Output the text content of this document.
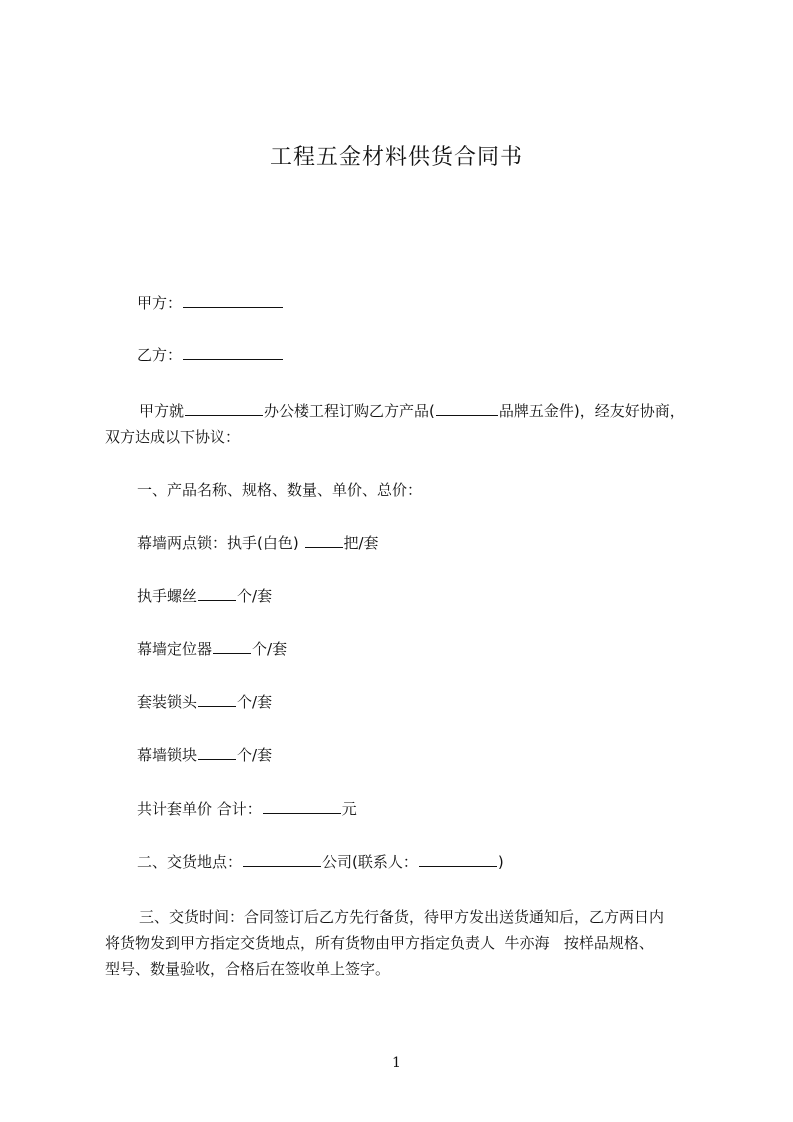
工程五金材料供货合同书
甲方：
乙方：
甲方就	办公楼工程订购乙方产品(	品牌五金件)，经友好协商，
双方达成以下协议：
一、产品名称、规格、数量、单价、总价：
幕墙两点锁：执手(白色)	把/套
执手螺丝	个/套
幕墙定位器	个/套
套装锁头	个/套
幕墙锁块	个/套
共计套单价 合计：	元
二、交货地点：	公司(联系人：	)
三、交货时间：合同签订后乙方先行备货，待甲方发出送货通知后，乙方两日内
将货物发到甲方指定交货地点，所有货物由甲方指定负责人  牛亦海   按样品规格、
型号、数量验收，合格后在签收单上签字。
1
